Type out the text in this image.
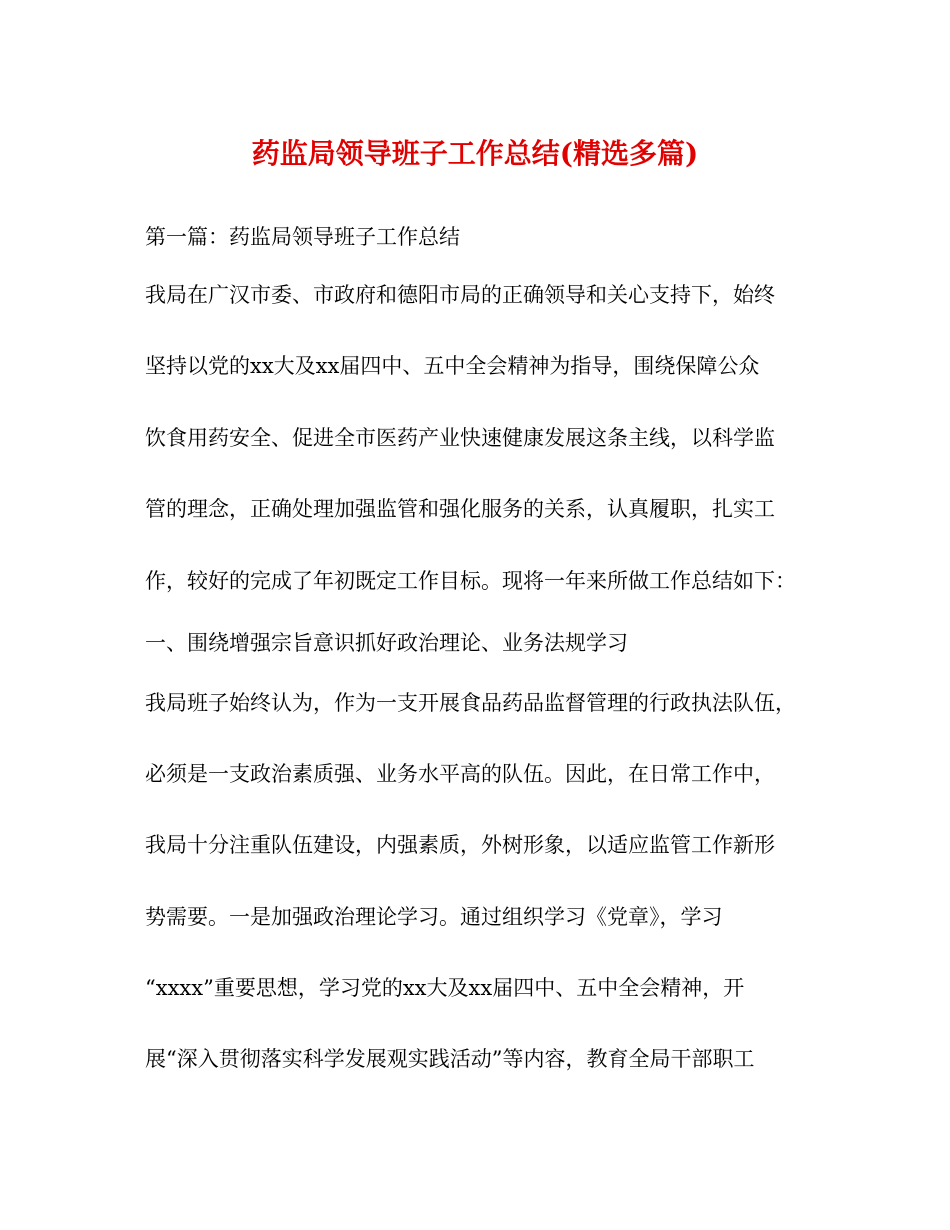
药监局领导班子工作总结(精选多篇)
第一篇：药监局领导班子工作总结
我局在广汉市委、市政府和德阳市局的正确领导和关心支持下，始终
坚持以党的xx大及xx届四中、五中全会精神为指导，围绕保障公众
饮食用药安全、促进全市医药产业快速健康发展这条主线，以科学监
管的理念，正确处理加强监管和强化服务的关系，认真履职，扎实工
作，较好的完成了年初既定工作目标。现将一年来所做工作总结如下：
一、围绕增强宗旨意识抓好政治理论、业务法规学习
我局班子始终认为，作为一支开展食品药品监督管理的行政执法队伍，
必须是一支政治素质强、业务水平高的队伍。因此，在日常工作中，
我局十分注重队伍建设，内强素质，外树形象，以适应监管工作新形
势需要。一是加强政治理论学习。通过组织学习《党章》，学习
“xxxx”重要思想，学习党的xx大及xx届四中、五中全会精神，开
展“深入贯彻落实科学发展观实践活动”等内容，教育全局干部职工
